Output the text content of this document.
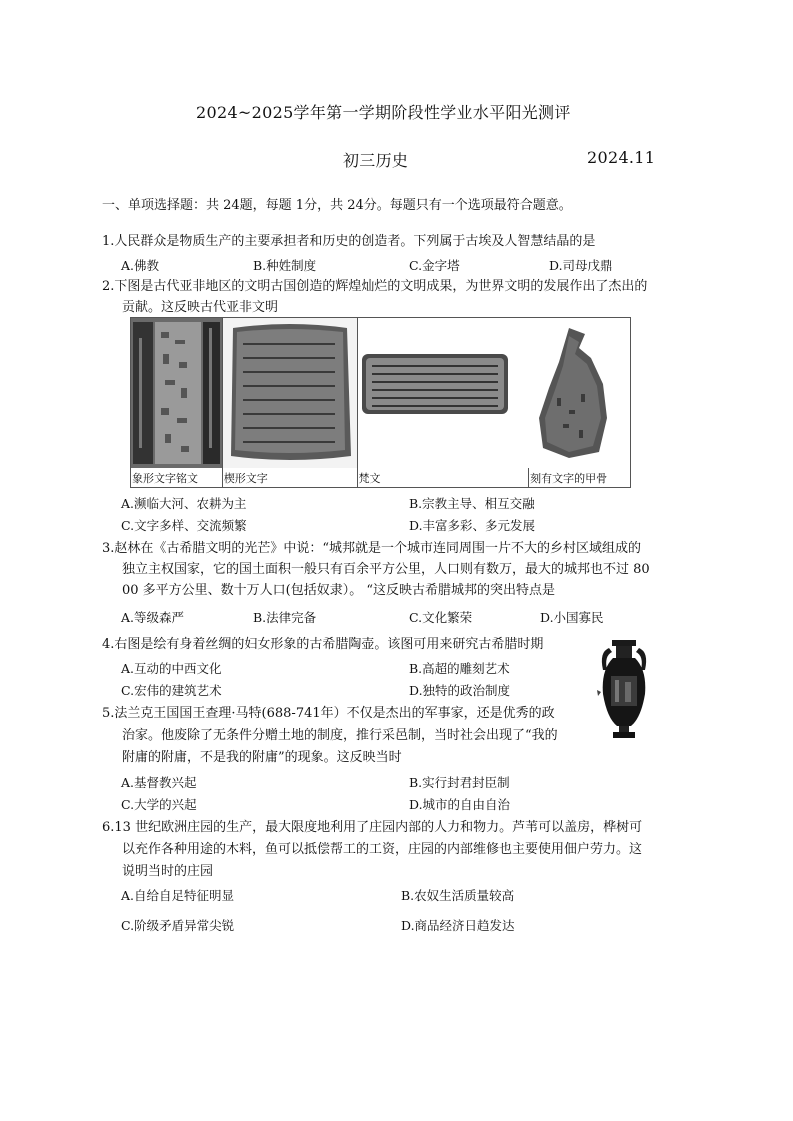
2024~2025学年第一学期阶段性学业水平阳光测评
初三历史	2024.11
一、单项选择题：共 24题，每题 1分，共 24分。每题只有一个选项最符合题意。
1.人民群众是物质生产的主要承担者和历史的创造者。下列属于古埃及人智慧结晶的是
A.佛教	B.种姓制度	C.金字塔	D.司母戊鼎
2.下图是古代亚非地区的文明古国创造的辉煌灿烂的文明成果，为世界文明的发展作出了杰出的
贡献。这反映古代亚非文明
象形文字铭文	楔形文字	梵文	刻有文字的甲骨
A.濒临大河、农耕为主	B.宗教主导、相互交融
C.文字多样、交流频繁	D.丰富多彩、多元发展
3.赵林在《古希腊文明的光芒》中说：“城邦就是一个城市连同周围一片不大的乡村区域组成的
独立主权国家，它的国土面积一般只有百余平方公里，人口则有数万，最大的城邦也不过 80
00 多平方公里、数十万人口(包括奴隶）。 “这反映古希腊城邦的突出特点是
A.等级森严	B.法律完备	C.文化繁荣	D.小国寡民
4.右图是绘有身着丝绸的妇女形象的古希腊陶壶。该图可用来研究古希腊时期
A.互动的中西文化	B.高超的雕刻艺术
C.宏伟的建筑艺术	D.独特的政治制度
5.法兰克王国国王查理·马特(688-741年）不仅是杰出的军事家，还是优秀的政
治家。他废除了无条件分赠土地的制度，推行采邑制，当时社会出现了“我的
附庸的附庸，不是我的附庸”的现象。这反映当时
A.基督教兴起	B.实行封君封臣制
C.大学的兴起	D.城市的自由自治
6.13 世纪欧洲庄园的生产，最大限度地利用了庄园内部的人力和物力。芦苇可以盖房，桦树可
以充作各种用途的木料，鱼可以抵偿帮工的工资，庄园的内部维修也主要使用佃户劳力。这
说明当时的庄园
A.自给自足特征明显	B.农奴生活质量较高
C.阶级矛盾异常尖锐	D.商品经济日趋发达
